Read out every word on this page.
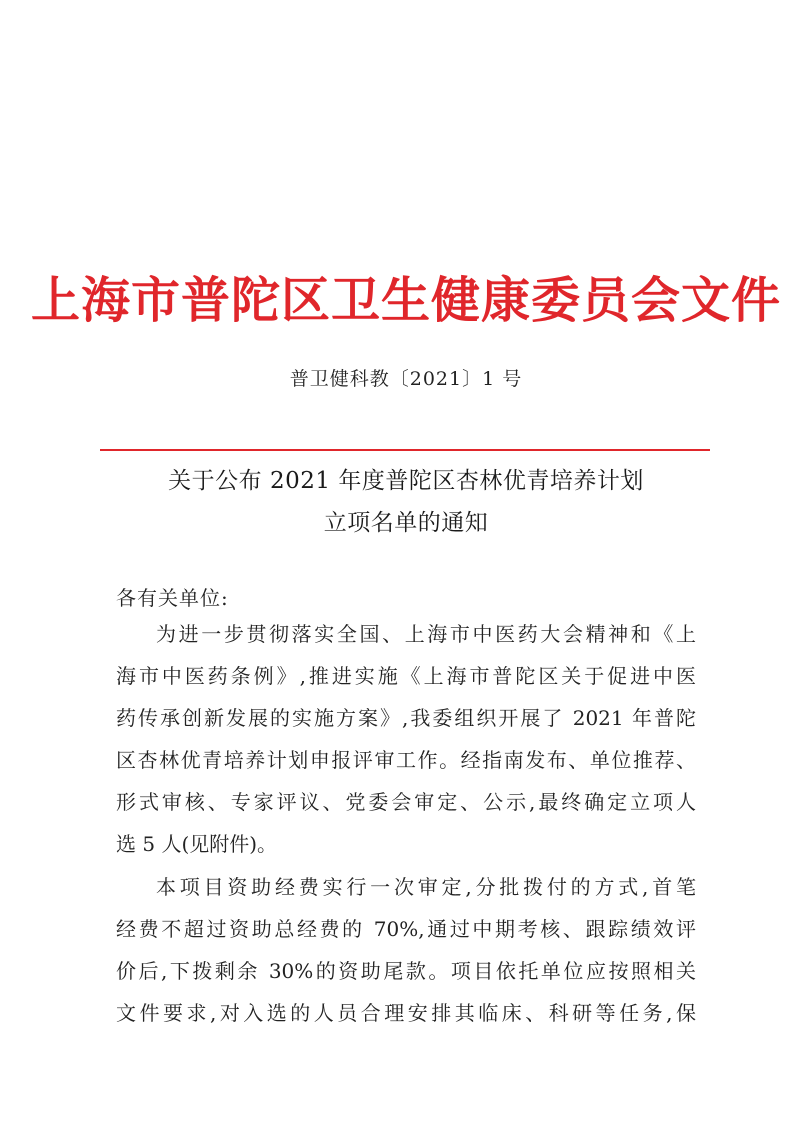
上海市普陀区卫生健康委员会文件
普卫健科教〔2021〕1 号
关于公布 2021 年度普陀区杏林优青培养计划
立项名单的通知
各有关单位:
为进一步贯彻落实全国、上海市中医药大会精神和《上
海市中医药条例》,推进实施《上海市普陀区关于促进中医
药传承创新发展的实施方案》,我委组织开展了 2021 年普陀
区杏林优青培养计划申报评审工作。经指南发布、单位推荐、
形式审核、专家评议、党委会审定、公示,最终确定立项人
选 5 人(见附件)。
本项目资助经费实行一次审定,分批拨付的方式,首笔
经费不超过资助总经费的 70%,通过中期考核、跟踪绩效评
价后,下拨剩余 30%的资助尾款。项目依托单位应按照相关
文件要求,对入选的人员合理安排其临床、科研等任务,保
